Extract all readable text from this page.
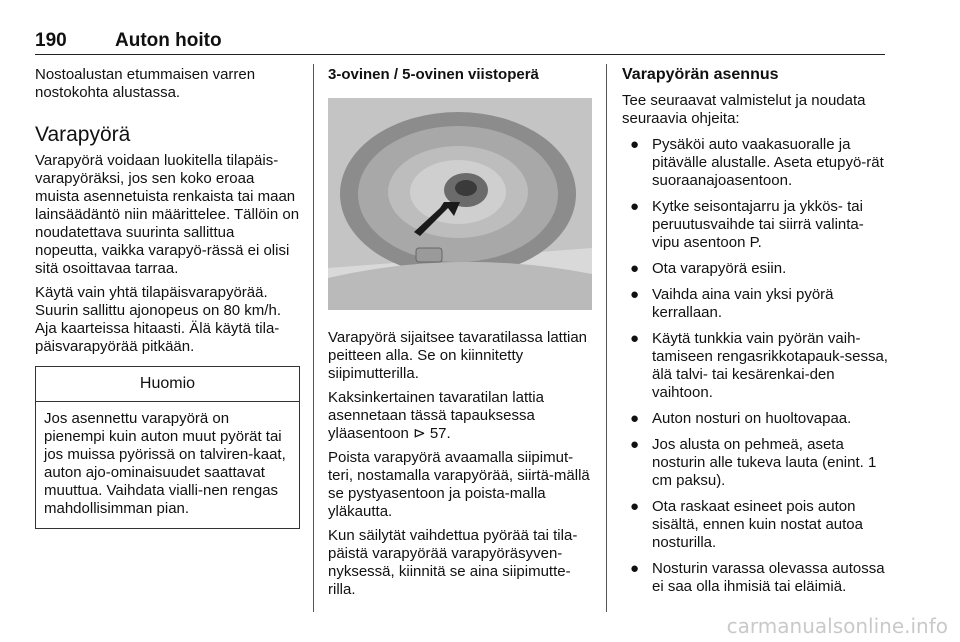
190	Auton hoito

Nostoalustan etummaisen varren nostokohta alustassa.

Varapyörä

Varapyörä voidaan luokitella tilapäis-varapyöräksi, jos sen koko eroaa muista asennetuista renkaista tai maan lainsäädäntö niin määrittelee. Tällöin on noudatettava suurinta sallittua nopeutta, vaikka varapyö-rässä ei olisi sitä osoittavaa tarraa.

Käytä vain yhtä tilapäisvarapyörää. Suurin sallittu ajonopeus on 80 km/h. Aja kaarteissa hitaasti. Älä käytä tila-päisvarapyörää pitkään.

Huomio
Jos asennettu varapyörä on pienempi kuin auton muut pyörät tai jos muissa pyörissä on talviren-kaat, auton ajo-ominaisuudet saattavat muuttua. Vaihdata vialli-nen rengas mahdollisimman pian.
3-ovinen / 5-ovinen viistoperä

Varapyörä sijaitsee tavaratilassa lattian peitteen alla. Se on kiinnitetty siipimutterilla.

Kaksinkertainen tavaratilan lattia asennetaan tässä tapauksessa yläasentoon ⊳ 57.

Poista varapyörä avaamalla siipimut-teri, nostamalla varapyörää, siirtä-mällä se pystyasentoon ja poista-malla yläkautta.

Kun säilytät vaihdettua pyörää tai tila-päistä varapyörää varapyöräsyven-nyksessä, kiinnitä se aina siipimutte-rilla.

Varapyörän asennus

Tee seuraavat valmistelut ja noudata seuraavia ohjeita:

● Pysäköi auto vaakasuoralle ja pitävälle alustalle. Aseta etupyö-rät suoraanajoasentoon.
● Kytke seisontajarru ja ykkös- tai peruutusvaihde tai siirrä valinta-vipu asentoon P.
● Ota varapyörä esiin.
● Vaihda aina vain yksi pyörä kerrallaan.
● Käytä tunkkia vain pyörän vaih-tamiseen rengasrikkotapauk-sessa, älä talvi- tai kesärenkai-den vaihtoon.
● Auton nosturi on huoltovapaa.
● Jos alusta on pehmeä, aseta nosturin alle tukeva lauta (enint. 1 cm paksu).
● Ota raskaat esineet pois auton sisältä, ennen kuin nostat autoa nosturilla.
● Nosturin varassa olevassa autossa ei saa olla ihmisiä tai eläimiä.
carmanualsonline.info
